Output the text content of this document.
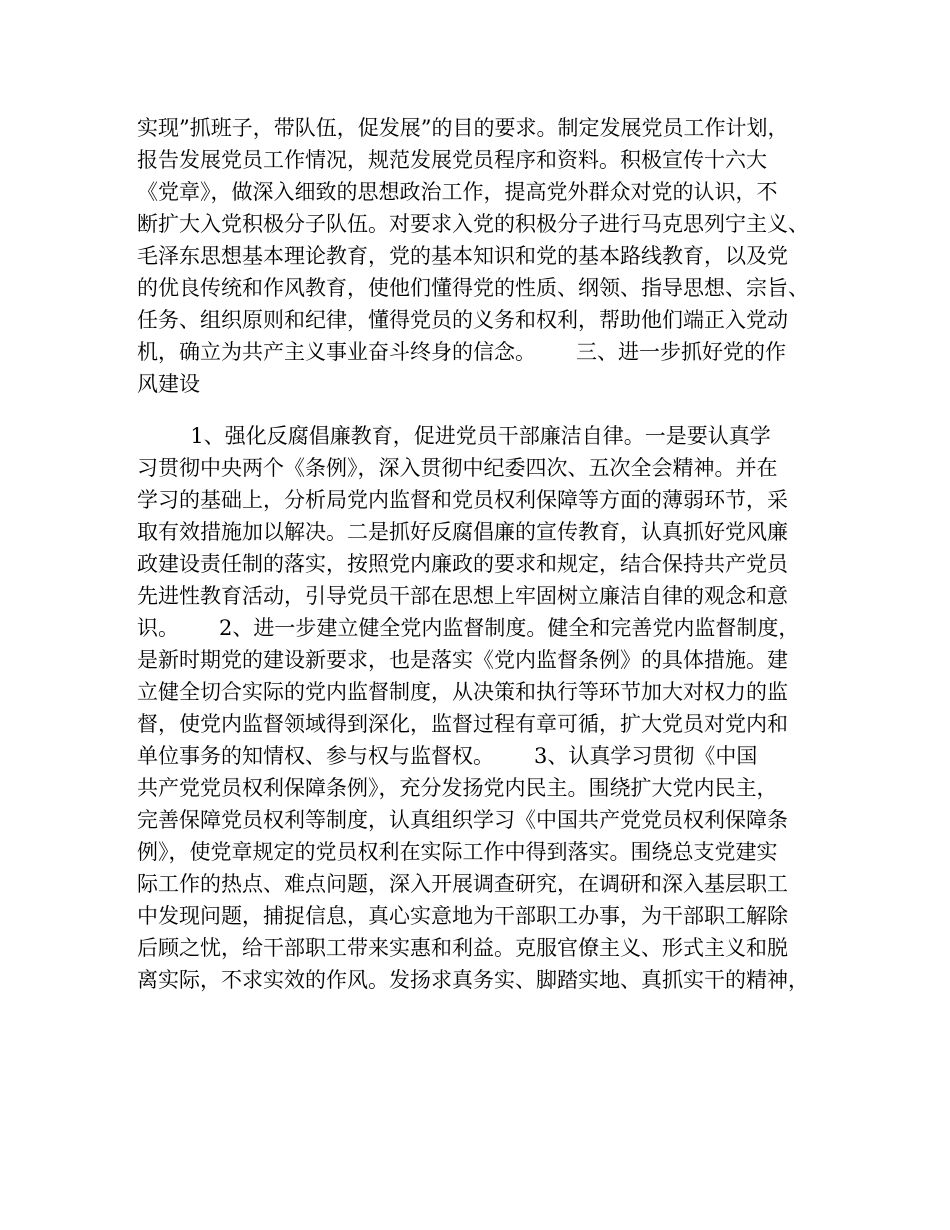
实现”抓班子，带队伍，促发展”的目的要求。制定发展党员工作计划，
报告发展党员工作情况，规范发展党员程序和资料。积极宣传十六大
《党章》，做深入细致的思想政治工作，提高党外群众对党的认识，不
断扩大入党积极分子队伍。对要求入党的积极分子进行马克思列宁主义、
毛泽东思想基本理论教育，党的基本知识和党的基本路线教育，以及党
的优良传统和作风教育，使他们懂得党的性质、纲领、指导思想、宗旨、
任务、组织原则和纪律，懂得党员的义务和权利，帮助他们端正入党动
机，确立为共产主义事业奋斗终身的信念。      三、进一步抓好党的作
风建设
1、强化反腐倡廉教育，促进党员干部廉洁自律。一是要认真学
习贯彻中央两个《条例》，深入贯彻中纪委四次、五次全会精神。并在
学习的基础上，分析局党内监督和党员权利保障等方面的薄弱环节，采
取有效措施加以解决。二是抓好反腐倡廉的宣传教育，认真抓好党风廉
政建设责任制的落实，按照党内廉政的要求和规定，结合保持共产党员
先进性教育活动，引导党员干部在思想上牢固树立廉洁自律的观念和意
识。      2、进一步建立健全党内监督制度。健全和完善党内监督制度，
是新时期党的建设新要求，也是落实《党内监督条例》的具体措施。建
立健全切合实际的党内监督制度，从决策和执行等环节加大对权力的监
督，使党内监督领域得到深化，监督过程有章可循，扩大党员对党内和
单位事务的知情权、参与权与监督权。      3、认真学习贯彻《中国
共产党党员权利保障条例》，充分发扬党内民主。围绕扩大党内民主，
完善保障党员权利等制度，认真组织学习《中国共产党党员权利保障条
例》，使党章规定的党员权利在实际工作中得到落实。围绕总支党建实
际工作的热点、难点问题，深入开展调查研究，在调研和深入基层职工
中发现问题，捕捉信息，真心实意地为干部职工办事，为干部职工解除
后顾之忧，给干部职工带来实惠和利益。克服官僚主义、形式主义和脱
离实际，不求实效的作风。发扬求真务实、脚踏实地、真抓实干的精神，
